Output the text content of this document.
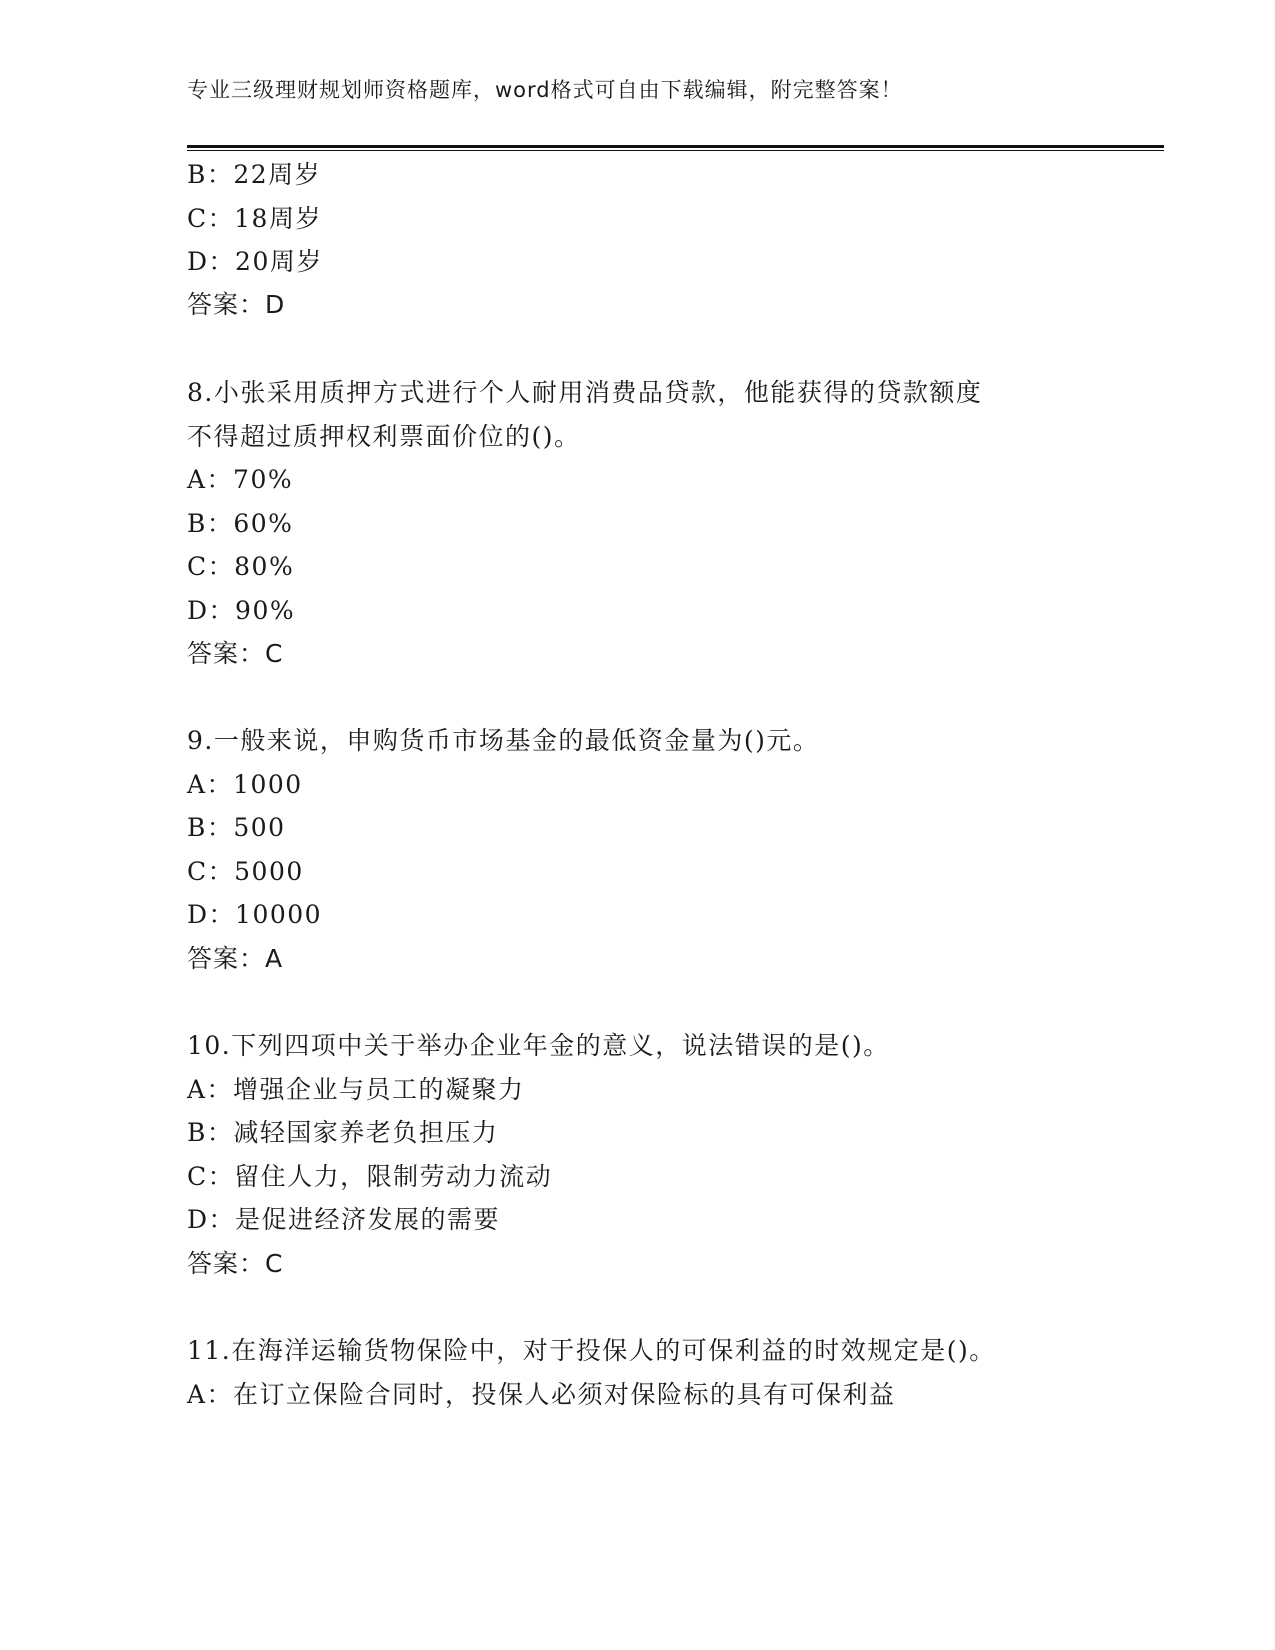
专业三级理财规划师资格题库，word格式可自由下载编辑，附完整答案！
B：22周岁
C：18周岁
D：20周岁
答案：D
8.小张采用质押方式进行个人耐用消费品贷款，他能获得的贷款额度
不得超过质押权利票面价位的()。
A：70%
B：60%
C：80%
D：90%
答案：C
9.一般来说，申购货币市场基金的最低资金量为()元。
A：1000
B：500
C：5000
D：10000
答案：A
10.下列四项中关于举办企业年金的意义，说法错误的是()。
A：增强企业与员工的凝聚力
B：减轻国家养老负担压力
C：留住人力，限制劳动力流动
D：是促进经济发展的需要
答案：C
11.在海洋运输货物保险中，对于投保人的可保利益的时效规定是()。
A：在订立保险合同时，投保人必须对保险标的具有可保利益
